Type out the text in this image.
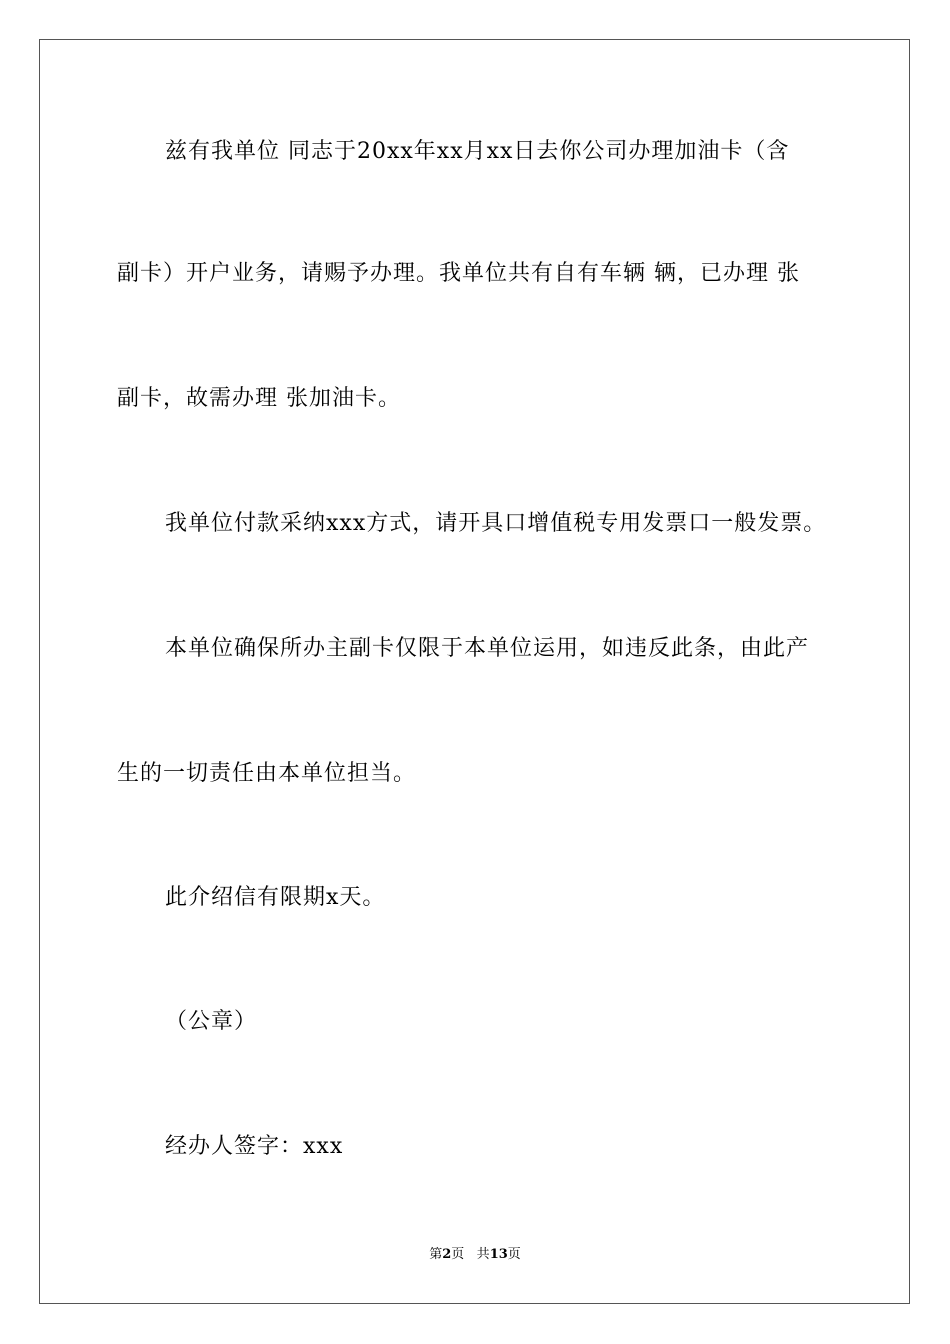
兹有我单位 同志于20xx年xx月xx日去你公司办理加油卡（含
副卡）开户业务，请赐予办理。我单位共有自有车辆 辆，已办理 张
副卡，故需办理 张加油卡。
我单位付款采纳xxx方式，请开具口增值税专用发票口一般发票。
本单位确保所办主副卡仅限于本单位运用，如违反此条，由此产
生的一切责任由本单位担当。
此介绍信有限期x天。
（公章）
经办人签字：xxx
第2页 共13页
